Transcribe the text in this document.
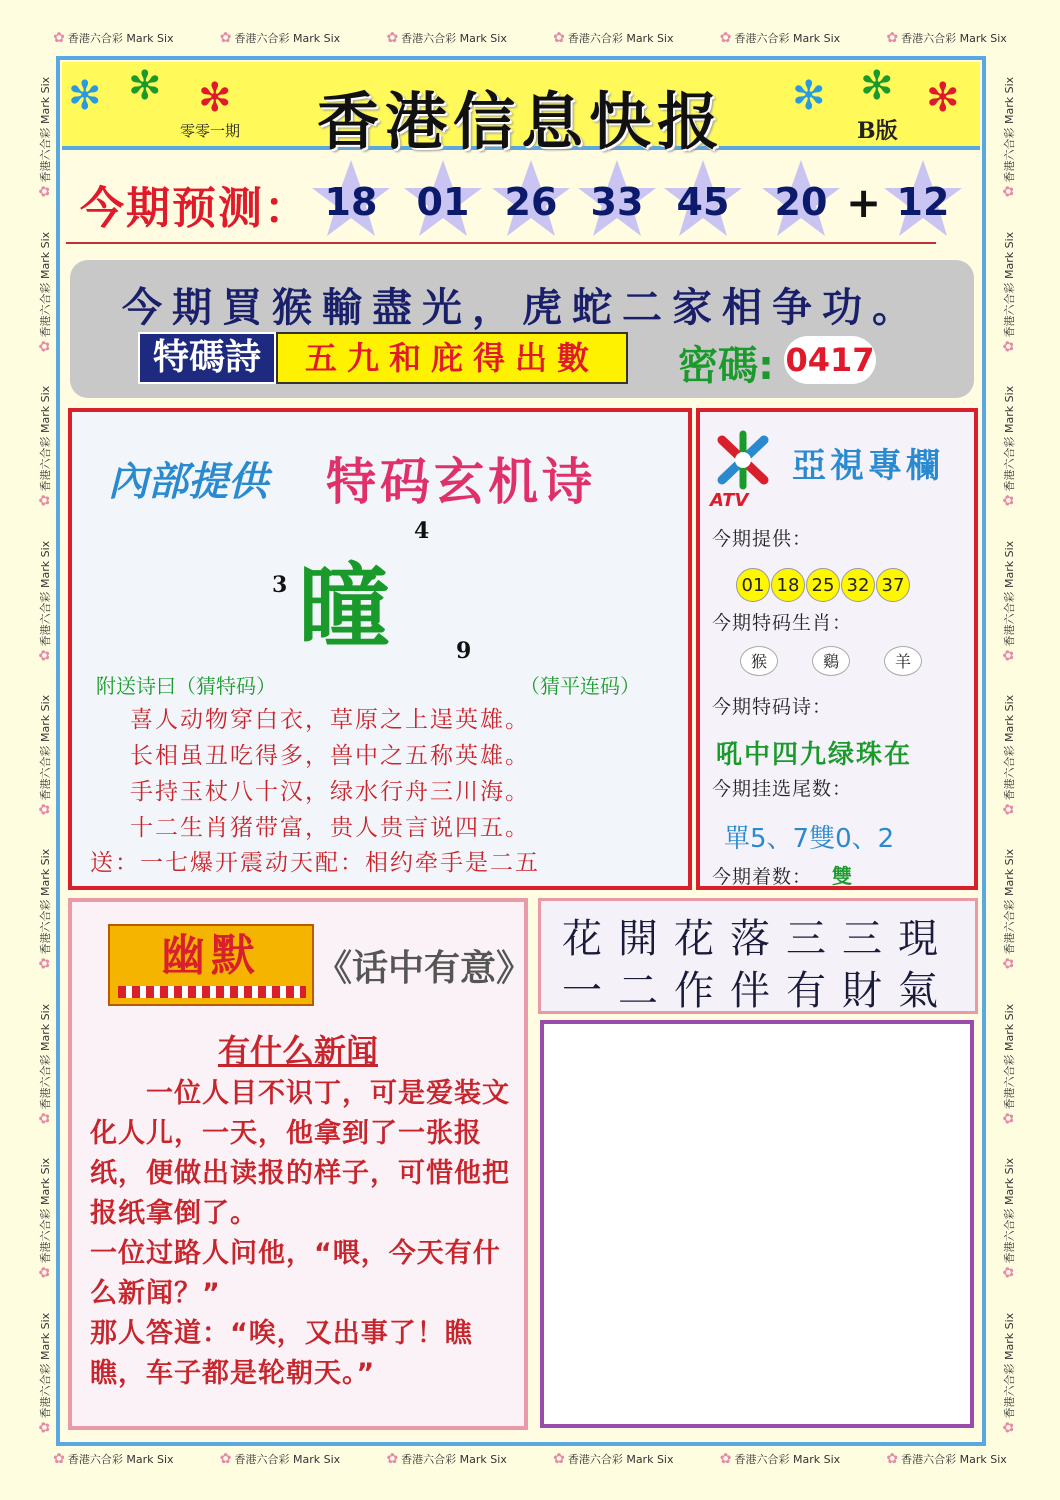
✿ 香港六合彩 Mark Six	✿ 香港六合彩 Mark Six	✿ 香港六合彩 Mark Six	✿ 香港六合彩 Mark Six	✿ 香港六合彩 Mark Six	✿ 香港六合彩 Mark Six
✿ 香港六合彩 Mark Six	✿ 香港六合彩 Mark Six	✿ 香港六合彩 Mark Six	✿ 香港六合彩 Mark Six	✿ 香港六合彩 Mark Six	✿ 香港六合彩 Mark Six
✿
香港六合彩 Mark Six
✿
香港六合彩 Mark Six
✿
香港六合彩 Mark Six
✿
香港六合彩 Mark Six
✿
香港六合彩 Mark Six
✿
香港六合彩 Mark Six
✿
香港六合彩 Mark Six
✿
香港六合彩 Mark Six
✿
香港六合彩 Mark Six
✿
香港六合彩 Mark Six
✿
香港六合彩 Mark Six
✿
香港六合彩 Mark Six
✿
香港六合彩 Mark Six
✿
香港六合彩 Mark Six
✿
香港六合彩 Mark Six
✿
香港六合彩 Mark Six
✿
香港六合彩 Mark Six
✿
香港六合彩 Mark Six
✻ ✻ ✻	✻ ✻ ✻
香港信息快报
零零一期	B版
今期预测： 18	01 26 33 45	20 + 12
今期買猴輸盡光，虎蛇二家相争功。
特碼詩	五九和庇得出數	密碼: 0417
內部提供 特码玄机诗
4
3 曈	9
附送诗曰（猜特码）	（猜平连码）
喜人动物穿白衣，草原之上逞英雄。
长相虽丑吃得多，兽中之五称英雄。
手持玉杖八十汉，绿水行舟三川海。
十二生肖猪带富，贵人贵言说四五。
送：一七爆开震动天配：相约牵手是二五
ATV
亞視專欄
今期提供：
01 18 25 32 37
今期特码生肖：
猴	鷄	羊
今期特码诗：
吼中四九绿珠在
今期挂选尾数：
單5、7雙0、2
今期着数： 雙
幽默	《话中有意》
有什么新闻

　　一位人目不识丁，可是爱装文化人儿，一天，他拿到了一张报纸，便做出读报的样子，可惜他把报纸拿倒了。

一位过路人问他，“喂，今天有什么新闻？”

那人答道：“唉，又出事了！瞧瞧，车子都是轮朝天。”

花開花落三三現
一二作伴有財氣
